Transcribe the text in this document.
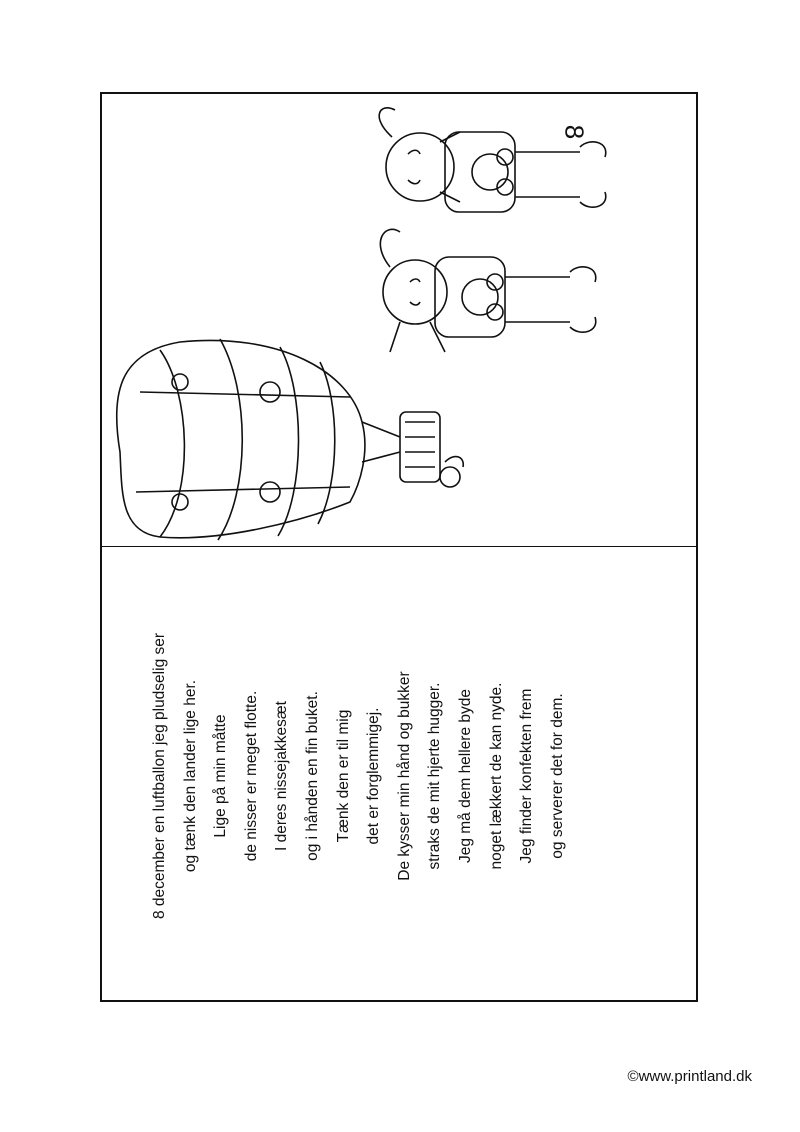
8
8 december en luftballon jeg pludselig ser og tænk den lander lige her. Lige på min måtte de nisser er meget flotte. I deres nissejakkesæt og i hånden en fin buket. Tænk den er til mig det er forglemmigej. De kysser min hånd og bukker straks de mit hjerte hugger. Jeg må dem hellere byde noget lækkert de kan nyde. Jeg finder konfekten frem og serverer det for dem.
©www.printland.dk
